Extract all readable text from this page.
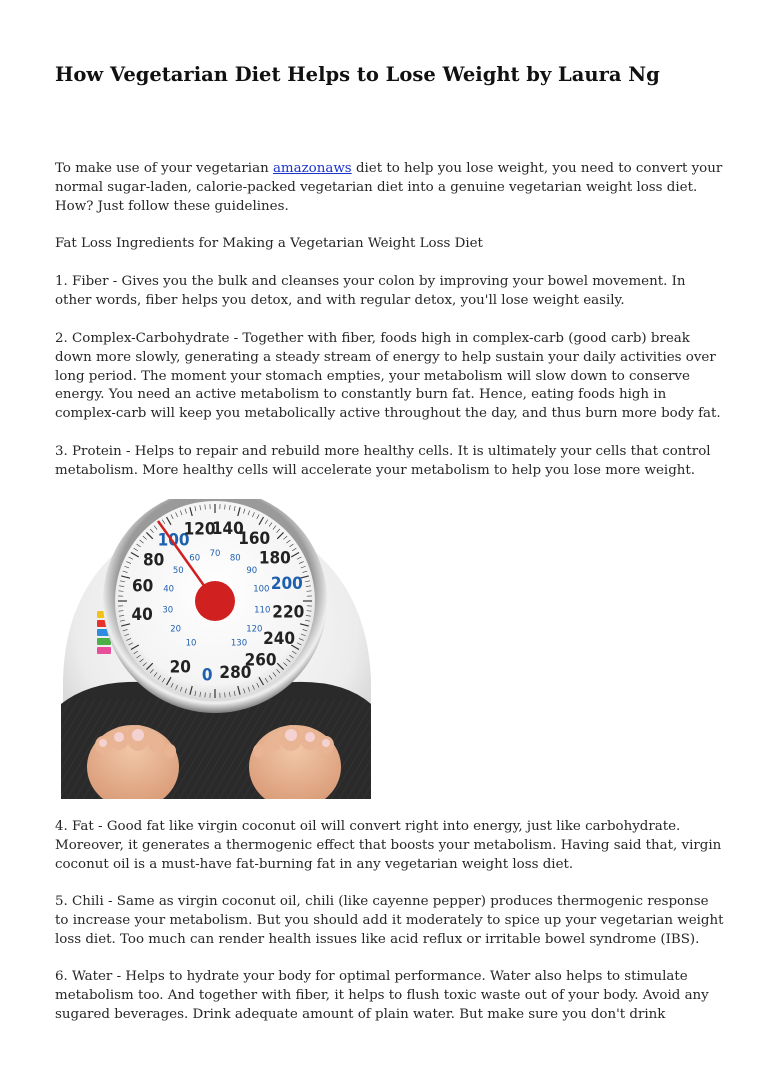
How Vegetarian Diet Helps to Lose Weight by Laura Ng

To make use of your vegetarian amazonaws diet to help you lose weight, you need to convert your normal sugar-laden, calorie-packed vegetarian diet into a genuine vegetarian weight loss diet. How? Just follow these guidelines.

Fat Loss Ingredients for Making a Vegetarian Weight Loss Diet

1. Fiber - Gives you the bulk and cleanses your colon by improving your bowel movement. In other words, fiber helps you detox, and with regular detox, you'll lose weight easily.

2. Complex-Carbohydrate - Together with fiber, foods high in complex-carb (good carb) break down more slowly, generating a steady stream of energy to help sustain your daily activities over long period. The moment your stomach empties, your metabolism will slow down to conserve energy. You need an active metabolism to constantly burn fat. Hence, eating foods high in complex-carb will keep you metabolically active throughout the day, and thus burn more body fat.

3. Protein - Helps to repair and rebuild more healthy cells. It is ultimately your cells that control metabolism. More healthy cells will accelerate your metabolism to help you lose more weight.

40
60
80
100
120
140
160
180
200
220
240
260
280
0
20
10
20
30
40
50
60 70 80
90
100
110
120
130

4. Fat - Good fat like virgin coconut oil will convert right into energy, just like carbohydrate. Moreover, it generates a thermogenic effect that boosts your metabolism. Having said that, virgin coconut oil is a must-have fat-burning fat in any vegetarian weight loss diet.

5. Chili - Same as virgin coconut oil, chili (like cayenne pepper) produces thermogenic response to increase your metabolism. But you should add it moderately to spice up your vegetarian weight loss diet. Too much can render health issues like acid reflux or irritable bowel syndrome (IBS).

6. Water - Helps to hydrate your body for optimal performance. Water also helps to stimulate metabolism too. And together with fiber, it helps to flush toxic waste out of your body. Avoid any sugared beverages. Drink adequate amount of plain water. But make sure you don't drink
